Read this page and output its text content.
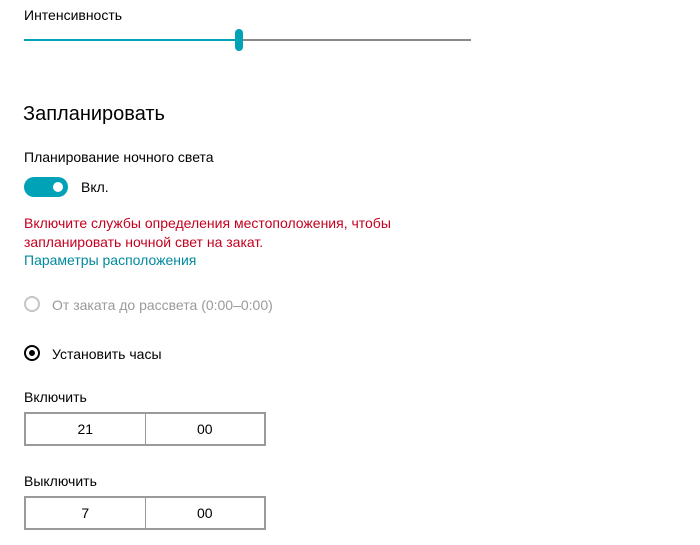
Интенсивность
Запланировать
Планирование ночного света
Вкл.
Включите службы определения местоположения, чтобы
запланировать ночной свет на закат.
Параметры расположения
От заката до рассвета (0:00–0:00)
Установить часы
Включить
21	00
Выключить
7	00
